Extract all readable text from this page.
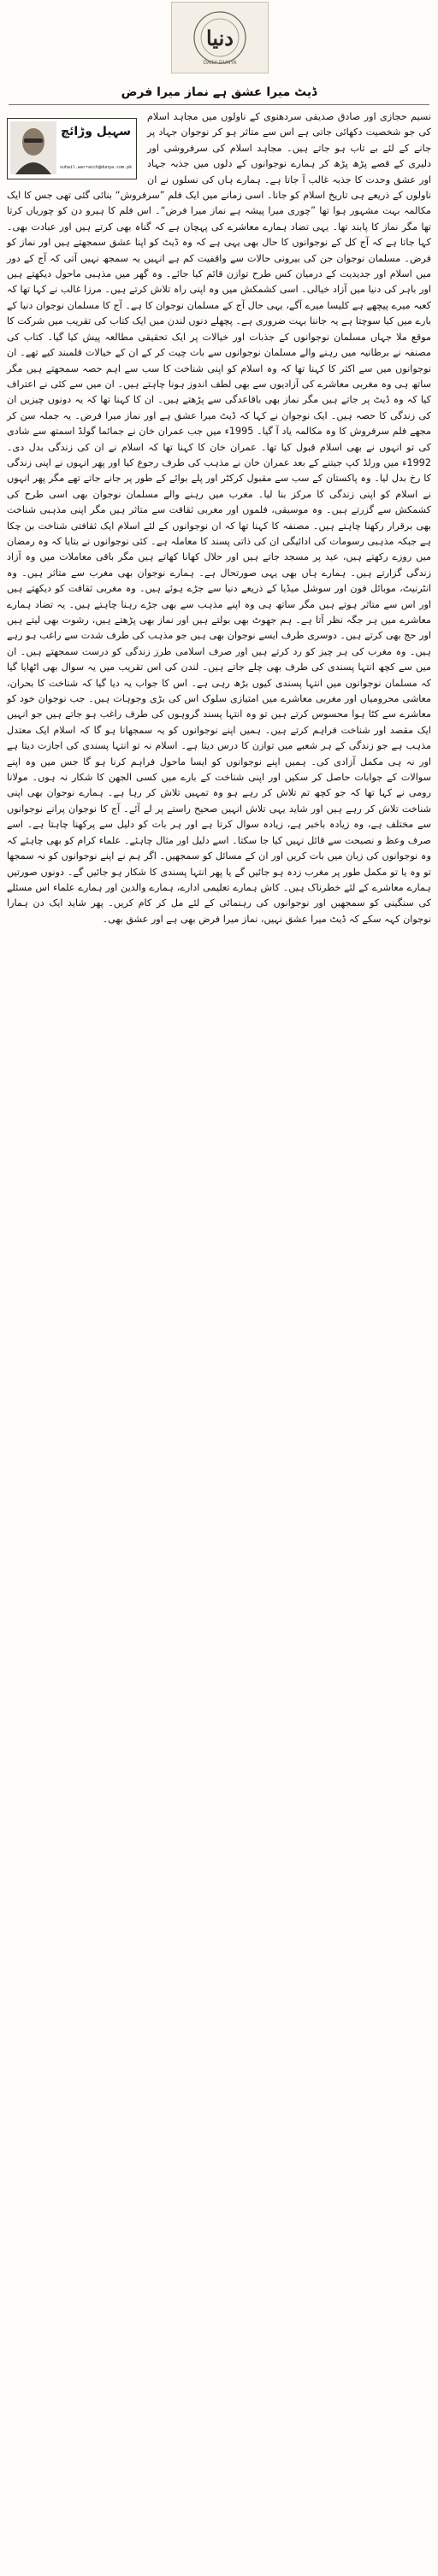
دنیا
DAILY DUNYA
ڈیٹ میرا عشق ہے نماز میرا فرض
سہیل وڑائچ
suhail.warraich@dunya.com.pk

نسیم حجازی اور صادق صدیقی سردھنوی کے ناولوں میں مجاہد اسلام کی جو شخصیت دکھائی جاتی ہے اس سے متاثر ہو کر نوجوان جہاد پر جانے کے لئے بے تاب ہو جاتے ہیں۔ مجاہد اسلام کی سرفروشی اور دلیری کے قصے پڑھ پڑھ کر ہمارے نوجوانوں کے دلوں میں جذبہ جہاد اور عشق وحدت کا جذبہ غالب آ جاتا ہے۔ ہمارے ہاں کی نسلوں نے ان ناولوں کے ذریعے ہی تاریخ اسلام کو جانا۔ اسی زمانے میں ایک فلم ”سرفروش“ بنائی گئی تھی جس کا ایک مکالمہ بہت مشہور ہوا تھا ”چوری میرا پیشہ ہے نماز میرا فرض“۔ اس فلم کا ہیرو دن کو چوریاں کرتا تھا مگر نماز کا پابند تھا۔ یہی تضاد ہمارے معاشرے کی پہچان ہے کہ گناہ بھی کرتے ہیں اور عبادت بھی۔ کہا جاتا ہے کہ آج کل کے نوجوانوں کا حال بھی یہی ہے کہ وہ ڈیٹ کو اپنا عشق سمجھتے ہیں اور نماز کو فرض۔ مسلمان نوجوان جن کی بیرونی حالات سے واقفیت کم ہے انہیں یہ سمجھ نہیں آتی کہ آج کے دور میں اسلام اور جدیدیت کے درمیان کس طرح توازن قائم کیا جائے۔ وہ گھر میں مذہبی ماحول دیکھتے ہیں اور باہر کی دنیا میں آزاد خیالی۔ اسی کشمکش میں وہ اپنی راہ تلاش کرتے ہیں۔ مرزا غالب نے کہا تھا کہ کعبہ میرے پیچھے ہے کلیسا میرے آگے، یہی حال آج کے مسلمان نوجوان کا ہے۔ آج کا مسلمان نوجوان دنیا کے بارے میں کیا سوچتا ہے یہ جاننا بہت ضروری ہے۔ پچھلے دنوں لندن میں ایک کتاب کی تقریب میں شرکت کا موقع ملا جہاں مسلمان نوجوانوں کے جذبات اور خیالات پر ایک تحقیقی مطالعہ پیش کیا گیا۔ کتاب کی مصنفہ نے برطانیہ میں رہنے والے مسلمان نوجوانوں سے بات چیت کر کے ان کے خیالات قلمبند کیے تھے۔ ان نوجوانوں میں سے اکثر کا کہنا تھا کہ وہ اسلام کو اپنی شناخت کا سب سے اہم حصہ سمجھتے ہیں مگر ساتھ ہی وہ مغربی معاشرے کی آزادیوں سے بھی لطف اندوز ہونا چاہتے ہیں۔ ان میں سے کئی نے اعتراف کیا کہ وہ ڈیٹ پر جاتے ہیں مگر نماز بھی باقاعدگی سے پڑھتے ہیں۔ ان کا کہنا تھا کہ یہ دونوں چیزیں ان کی زندگی کا حصہ ہیں۔ ایک نوجوان نے کہا کہ ڈیٹ میرا عشق ہے اور نماز میرا فرض۔ یہ جملہ سن کر مجھے فلم سرفروش کا وہ مکالمہ یاد آ گیا۔ 1995ء میں جب عمران خان نے جمائما گولڈ اسمتھ سے شادی کی تو انہوں نے بھی اسلام قبول کیا تھا۔ عمران خان کا کہنا تھا کہ اسلام نے ان کی زندگی بدل دی۔ 1992ء میں ورلڈ کپ جیتنے کے بعد عمران خان نے مذہب کی طرف رجوع کیا اور پھر انہوں نے اپنی زندگی کا رخ بدل لیا۔ وہ پاکستان کے سب سے مقبول کرکٹر اور پلے بوائے کے طور پر جانے جاتے تھے مگر پھر انہوں نے اسلام کو اپنی زندگی کا مرکز بنا لیا۔ مغرب میں رہنے والے مسلمان نوجوان بھی اسی طرح کی کشمکش سے گزرتے ہیں۔ وہ موسیقی، فلموں اور مغربی ثقافت سے متاثر ہیں مگر اپنی مذہبی شناخت بھی برقرار رکھنا چاہتے ہیں۔ مصنفہ کا کہنا تھا کہ ان نوجوانوں کے لئے اسلام ایک ثقافتی شناخت بن چکا ہے جبکہ مذہبی رسومات کی ادائیگی ان کی ذاتی پسند کا معاملہ ہے۔ کئی نوجوانوں نے بتایا کہ وہ رمضان میں روزے رکھتے ہیں، عید پر مسجد جاتے ہیں اور حلال کھانا کھاتے ہیں مگر باقی معاملات میں وہ آزاد زندگی گزارتے ہیں۔ ہمارے ہاں بھی یہی صورتحال ہے۔ ہمارے نوجوان بھی مغرب سے متاثر ہیں۔ وہ انٹرنیٹ، موبائل فون اور سوشل میڈیا کے ذریعے دنیا سے جڑے ہوئے ہیں۔ وہ مغربی ثقافت کو دیکھتے ہیں اور اس سے متاثر ہوتے ہیں مگر ساتھ ہی وہ اپنے مذہب سے بھی جڑے رہنا چاہتے ہیں۔ یہ تضاد ہمارے معاشرے میں ہر جگہ نظر آتا ہے۔ ہم جھوٹ بھی بولتے ہیں اور نماز بھی پڑھتے ہیں، رشوت بھی لیتے ہیں اور حج بھی کرتے ہیں۔ دوسری طرف ایسے نوجوان بھی ہیں جو مذہب کی طرف شدت سے راغب ہو رہے ہیں۔ وہ مغرب کی ہر چیز کو رد کرتے ہیں اور صرف اسلامی طرز زندگی کو درست سمجھتے ہیں۔ ان میں سے کچھ انتہا پسندی کی طرف بھی چلے جاتے ہیں۔ لندن کی اس تقریب میں یہ سوال بھی اٹھایا گیا کہ مسلمان نوجوانوں میں انتہا پسندی کیوں بڑھ رہی ہے۔ اس کا جواب یہ دیا گیا کہ شناخت کا بحران، معاشی محرومیاں اور مغربی معاشرے میں امتیازی سلوک اس کی بڑی وجوہات ہیں۔ جب نوجوان خود کو معاشرے سے کٹا ہوا محسوس کرتے ہیں تو وہ انتہا پسند گروہوں کی طرف راغب ہو جاتے ہیں جو انہیں ایک مقصد اور شناخت فراہم کرتے ہیں۔ ہمیں اپنے نوجوانوں کو یہ سمجھانا ہو گا کہ اسلام ایک معتدل مذہب ہے جو زندگی کے ہر شعبے میں توازن کا درس دیتا ہے۔ اسلام نہ تو انتہا پسندی کی اجازت دیتا ہے اور نہ ہی مکمل آزادی کی۔ ہمیں اپنے نوجوانوں کو ایسا ماحول فراہم کرنا ہو گا جس میں وہ اپنے سوالات کے جوابات حاصل کر سکیں اور اپنی شناخت کے بارے میں کسی الجھن کا شکار نہ ہوں۔ مولانا رومی نے کہا تھا کہ جو کچھ تم تلاش کر رہے ہو وہ تمہیں تلاش کر رہا ہے۔ ہمارے نوجوان بھی اپنی شناخت تلاش کر رہے ہیں اور شاید یہی تلاش انہیں صحیح راستے پر لے آئے۔ آج کا نوجوان پرانے نوجوانوں سے مختلف ہے، وہ زیادہ باخبر ہے، زیادہ سوال کرتا ہے اور ہر بات کو دلیل سے پرکھنا چاہتا ہے۔ اسے صرف وعظ و نصیحت سے قائل نہیں کیا جا سکتا۔ اسے دلیل اور مثال چاہئے۔ علماء کرام کو بھی چاہئے کہ وہ نوجوانوں کی زبان میں بات کریں اور ان کے مسائل کو سمجھیں۔ اگر ہم نے اپنے نوجوانوں کو نہ سمجھا تو وہ یا تو مکمل طور پر مغرب زدہ ہو جائیں گے یا پھر انتہا پسندی کا شکار ہو جائیں گے۔ دونوں صورتیں ہمارے معاشرے کے لئے خطرناک ہیں۔ کاش ہمارے تعلیمی ادارے، ہمارے والدین اور ہمارے علماء اس مسئلے کی سنگینی کو سمجھیں اور نوجوانوں کی رہنمائی کے لئے مل کر کام کریں۔ پھر شاید ایک دن ہمارا نوجوان کہہ سکے کہ ڈیٹ میرا عشق نہیں، نماز میرا فرض بھی ہے اور عشق بھی۔
